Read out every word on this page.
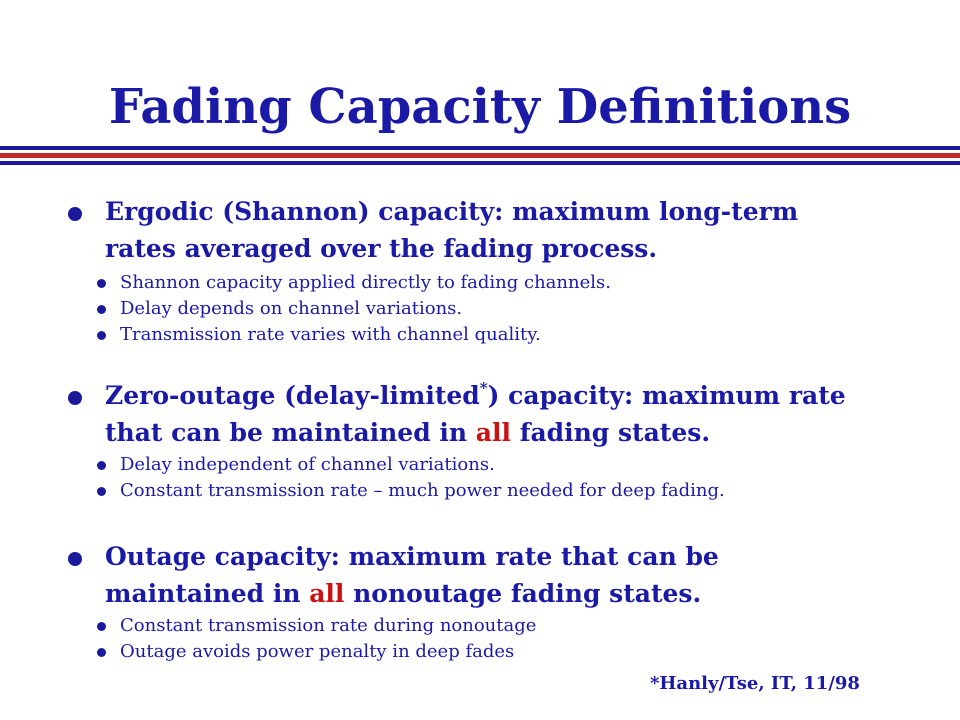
Fading Capacity Definitions
Ergodic (Shannon) capacity: maximum long-term rates averaged over the fading process.
Shannon capacity applied directly to fading channels.
Delay depends on channel variations.
Transmission rate varies with channel quality.
Zero-outage (delay-limited*) capacity: maximum rate that can be maintained in all fading states.
Delay independent of channel variations.
Constant transmission rate – much power needed for deep fading.
Outage capacity: maximum rate that can be maintained in all nonoutage fading states.
Constant transmission rate during nonoutage
Outage avoids power penalty in deep fades
*Hanly/Tse, IT, 11/98
